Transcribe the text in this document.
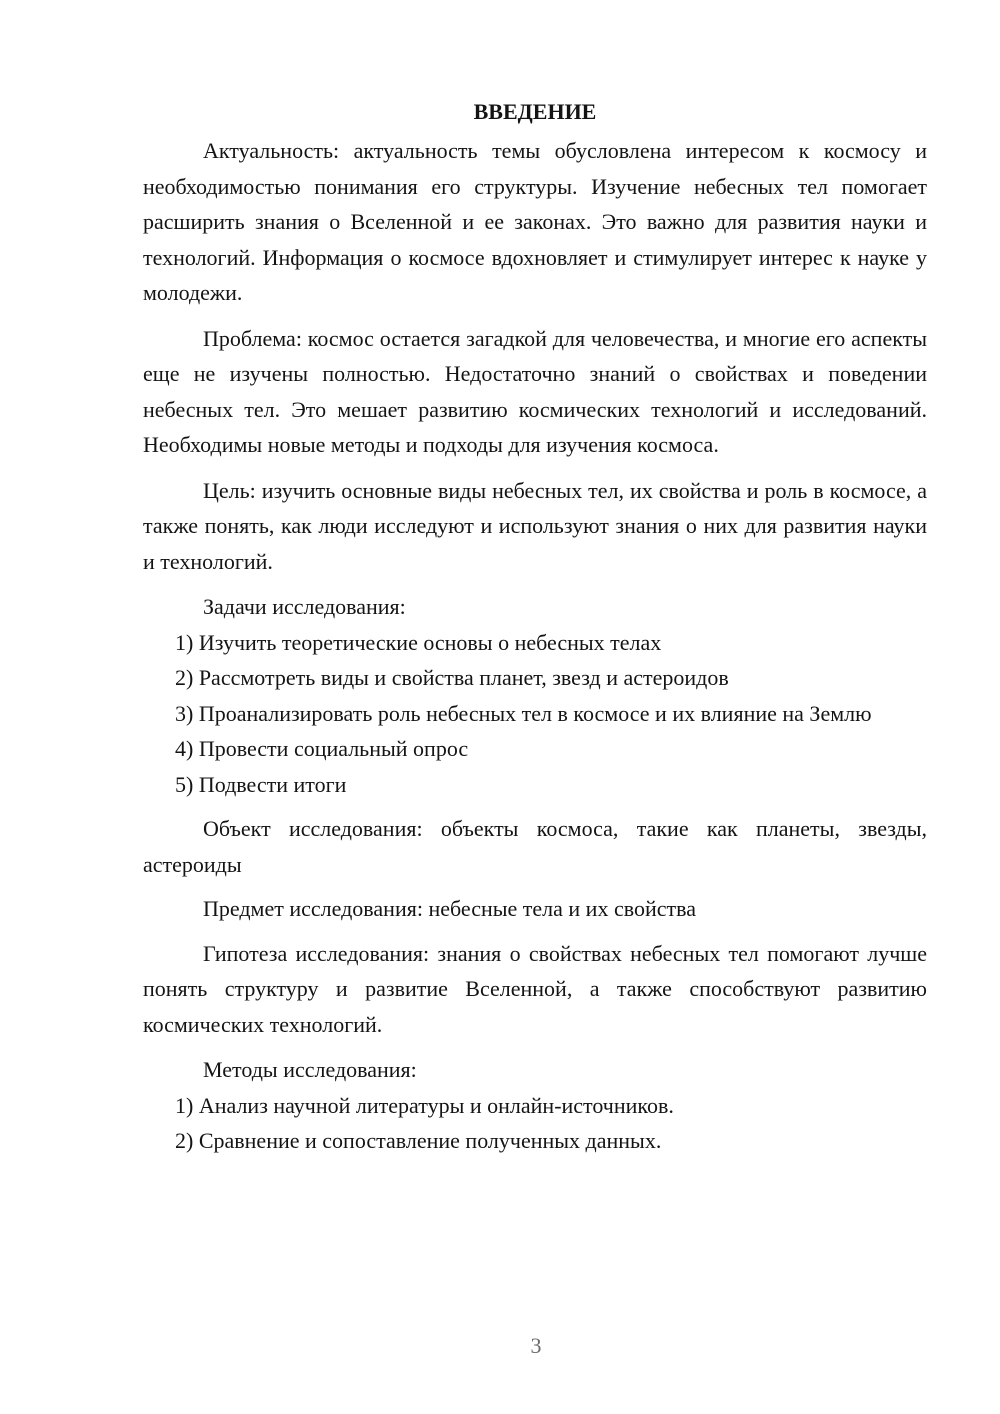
ВВЕДЕНИЕ

Актуальность: актуальность темы обусловлена интересом к космосу и необходимостью понимания его структуры. Изучение небесных тел помогает расширить знания о Вселенной и ее законах. Это важно для развития науки и технологий. Информация о космосе вдохновляет и стимулирует интерес к науке у молодежи.

Проблема: космос остается загадкой для человечества, и многие его аспекты еще не изучены полностью. Недостаточно знаний о свойствах и поведении небесных тел. Это мешает развитию космических технологий и исследований. Необходимы новые методы и подходы для изучения космоса.

Цель: изучить основные виды небесных тел, их свойства и роль в космосе, а также понять, как люди исследуют и используют знания о них для развития науки и технологий.

Задачи исследования:

1) Изучить теоретические основы о небесных телах

2) Рассмотреть виды и свойства планет, звезд и астероидов

3) Проанализировать роль небесных тел в космосе и их влияние на Землю

4) Провести социальный опрос

5) Подвести итоги

Объект исследования: объекты космоса, такие как планеты, звезды, астероиды

Предмет исследования: небесные тела и их свойства

Гипотеза исследования: знания о свойствах небесных тел помогают лучше понять структуру и развитие Вселенной, а также способствуют развитию космических технологий.

Методы исследования:

1) Анализ научной литературы и онлайн-источников.

2) Сравнение и сопоставление полученных данных.

3
